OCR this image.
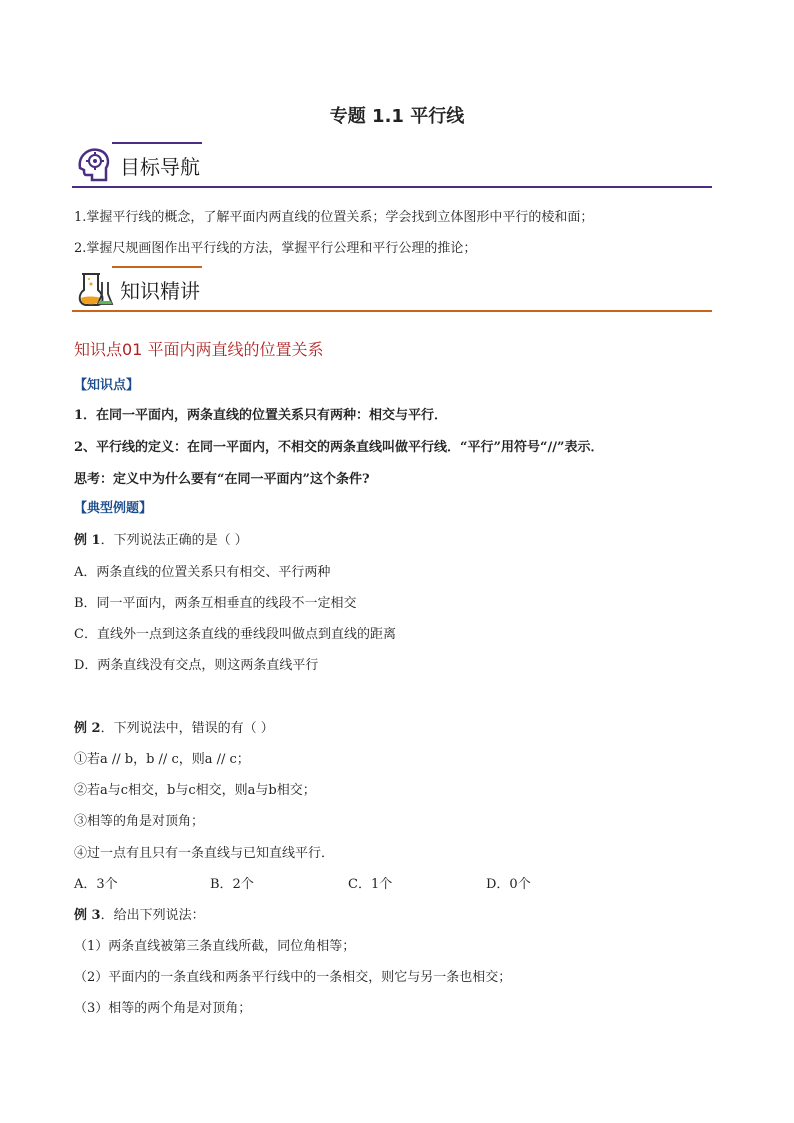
专题 1.1 平行线
目标导航
1.掌握平行线的概念，了解平面内两直线的位置关系；学会找到立体图形中平行的棱和面；
2.掌握尺规画图作出平行线的方法，掌握平行公理和平行公理的推论；
知识精讲
知识点01 平面内两直线的位置关系
【知识点】
1．在同一平面内，两条直线的位置关系只有两种：相交与平行．
2、平行线的定义：在同一平面内，不相交的两条直线叫做平行线．“平行”用符号“//”表示．
思考：定义中为什么要有“在同一平面内”这个条件?
【典型例题】
例 1．下列说法正确的是（ ）
A．两条直线的位置关系只有相交、平行两种
B．同一平面内，两条互相垂直的线段不一定相交
C．直线外一点到这条直线的垂线段叫做点到直线的距离
D．两条直线没有交点，则这两条直线平行
例 2．下列说法中，错误的有（ ）
①若a // b，b // c，则a // c；
②若a与c相交，b与c相交，则a与b相交；
③相等的角是对顶角；
④过一点有且只有一条直线与已知直线平行．
A．3个	B．2个	C．1个	D．0个
例 3．给出下列说法：
（1）两条直线被第三条直线所截，同位角相等；
（2）平面内的一条直线和两条平行线中的一条相交，则它与另一条也相交；
（3）相等的两个角是对顶角；
